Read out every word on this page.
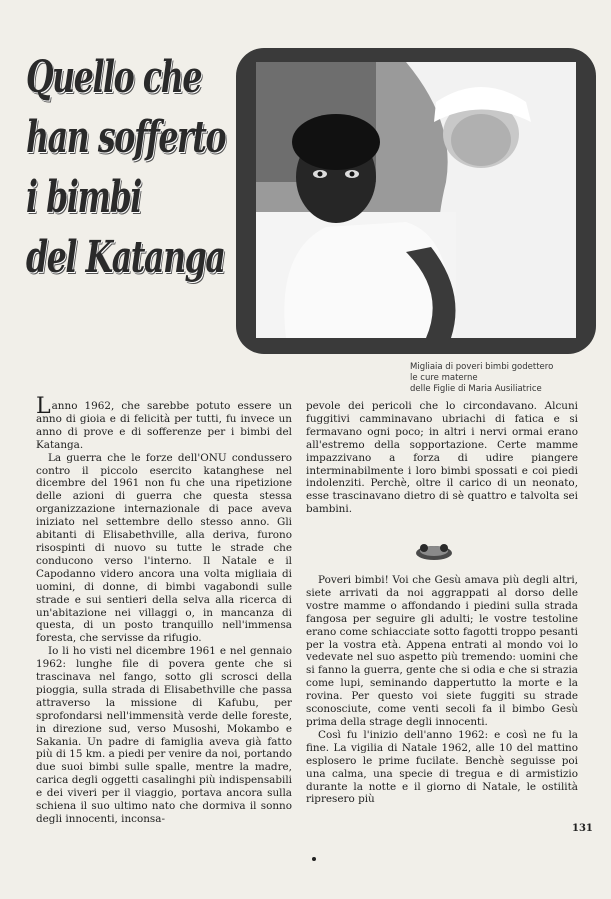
Quello che
han sofferto
i bimbi
del Katanga
Migliaia di poveri bimbi godettero
le cure materne
delle Figlie di Maria Ausiliatrice

Lanno 1962, che sarebbe potuto essere un anno di gioia e di felicità per tutti, fu invece un anno di prove e di sofferenze per i bimbi del Katanga.

La guerra che le forze dell'ONU condussero contro il piccolo esercito katanghese nel dicembre del 1961 non fu che una ripetizione delle azioni di guerra che questa stessa organizzazione internazionale di pace aveva iniziato nel settembre dello stesso anno. Gli abitanti di Elisabethville, alla deriva, furono risospinti di nuovo su tutte le strade che conducono verso l'interno. Il Natale e il Capodanno videro ancora una volta migliaia di uomini, di donne, di bimbi vagabondi sulle strade e sui sentieri della selva alla ricerca di un'abitazione nei villaggi o, in mancanza di questa, di un posto tranquillo nell'immensa foresta, che servisse da rifugio.

Io li ho visti nel dicembre 1961 e nel gennaio 1962: lunghe file di povera gente che si trascinava nel fango, sotto gli scrosci della pioggia, sulla strada di Elisabethville che passa attraverso la missione di Kafubu, per sprofondarsi nell'immensità verde delle foreste, in direzione sud, verso Musoshi, Mokambo e Sakania. Un padre di famiglia aveva già fatto più di 15 km. a piedi per venire da noi, portando due suoi bimbi sulle spalle, mentre la madre, carica degli oggetti casalinghi più indispensabili e dei viveri per il viaggio, portava ancora sulla schiena il suo ultimo nato che dormiva il sonno degli innocenti, inconsa-

pevole dei pericoli che lo circondavano. Alcuni fuggitivi camminavano ubriachi di fatica e si fermavano ogni poco; in altri i nervi ormai erano all'estremo della sopportazione. Certe mamme impazzivano a forza di udire piangere interminabilmente i loro bimbi spossati e coi piedi indolenziti. Perchè, oltre il carico di un neonato, esse trascinavano dietro di sè quattro e talvolta sei bambini.

Poveri bimbi! Voi che Gesù amava più degli altri, siete arrivati da noi aggrappati al dorso delle vostre mamme o affondando i piedini sulla strada fangosa per seguire gli adulti; le vostre testoline erano come schiacciate sotto fagotti troppo pesanti per la vostra età. Appena entrati al mondo voi lo vedevate nel suo aspetto più tremendo: uomini che si fanno la guerra, gente che si odia e che si strazia come lupi, seminando dappertutto la morte e la rovina. Per questo voi siete fuggiti su strade sconosciute, come venti secoli fa il bimbo Gesù prima della strage degli innocenti.

Così fu l'inizio dell'anno 1962: e così ne fu la fine. La vigilia di Natale 1962, alle 10 del mattino esplosero le prime fucilate. Benchè seguisse poi una calma, una specie di tregua e di armistizio durante la notte e il giorno di Natale, le ostilità ripresero più

131
